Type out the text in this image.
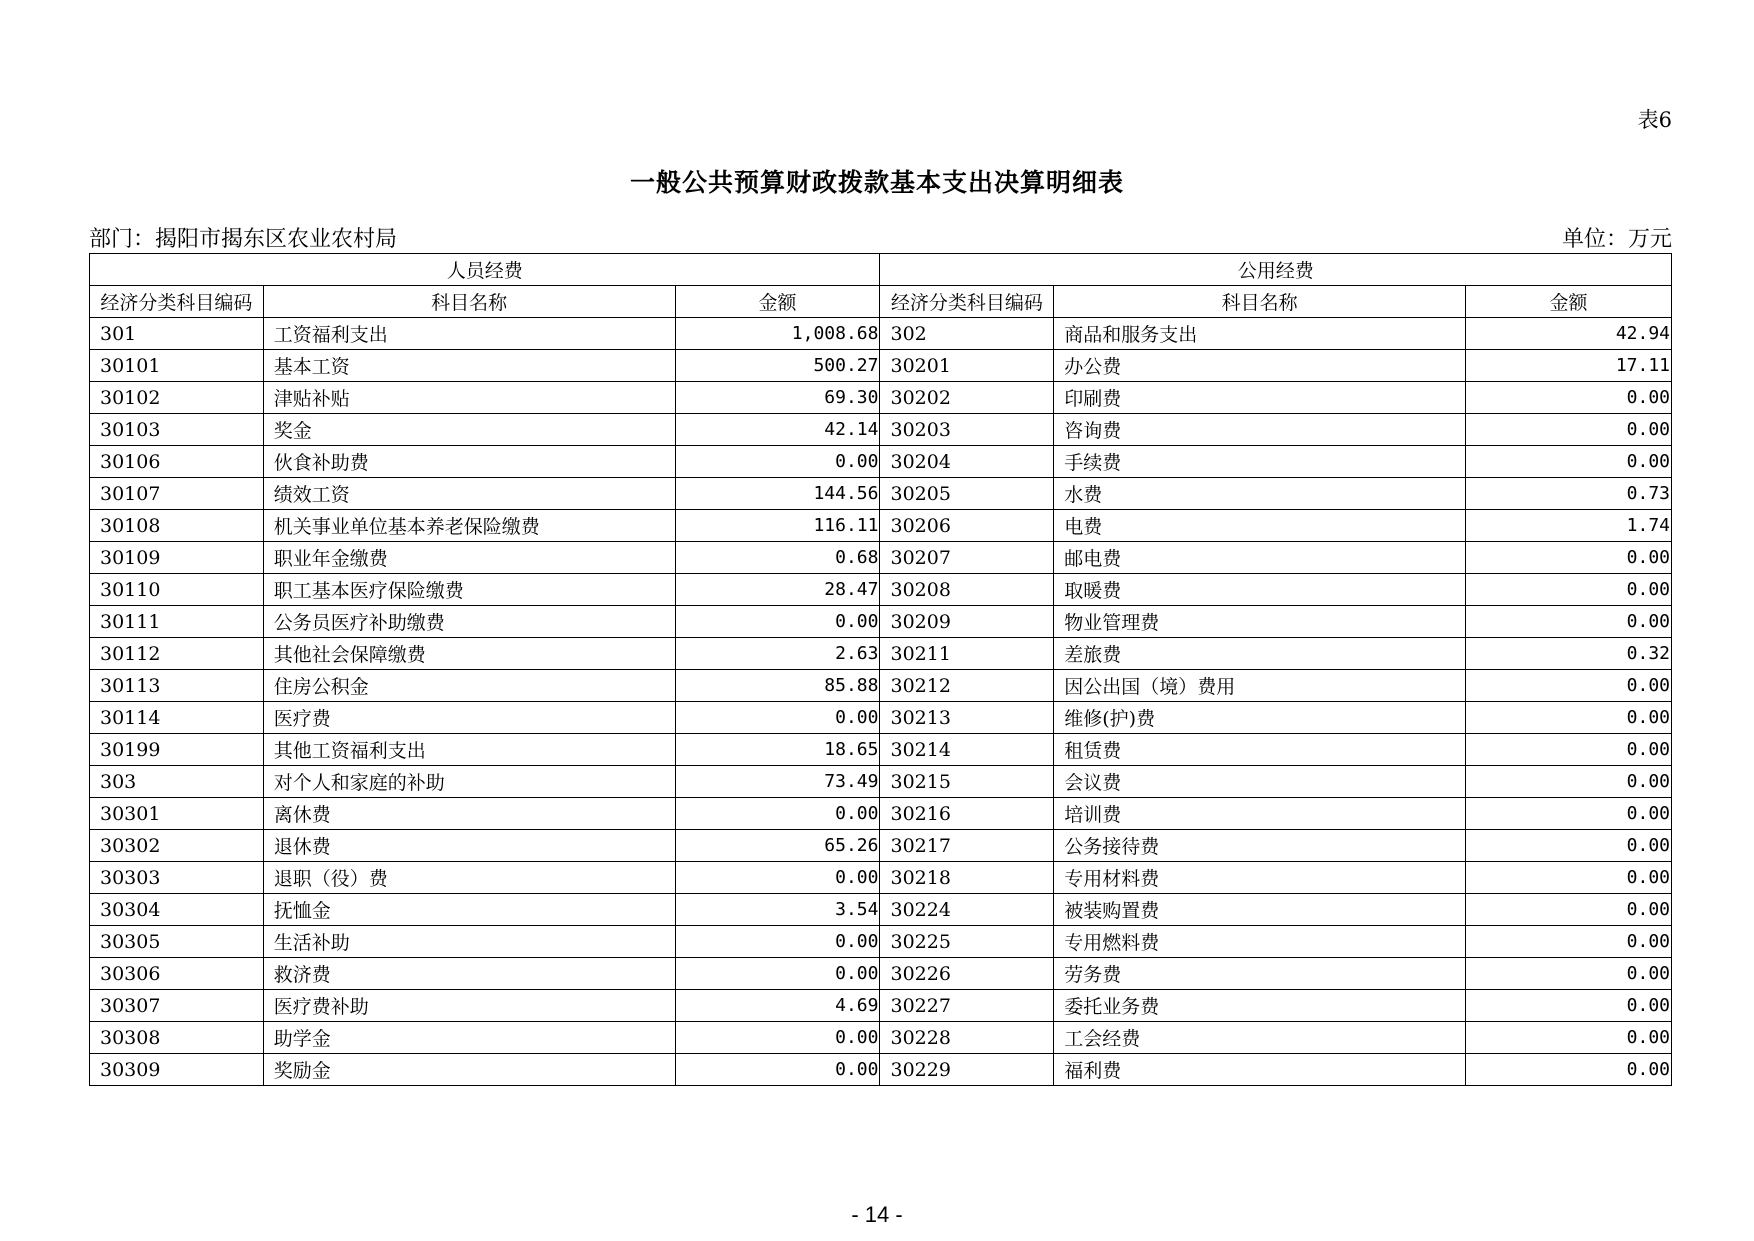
表6
一般公共预算财政拨款基本支出决算明细表
部门：揭阳市揭东区农业农村局	单位：万元
人员经费			公用经费		
经济分类科目编码	科目名称	金额	经济分类科目编码	科目名称	金额
301	工资福利支出	1,008.68	302	商品和服务支出	42.94
30101	基本工资	500.27	30201	办公费	17.11
30102	津贴补贴	69.30	30202	印刷费	0.00
30103	奖金	42.14	30203	咨询费	0.00
30106	伙食补助费	0.00	30204	手续费	0.00
30107	绩效工资	144.56	30205	水费	0.73
30108	机关事业单位基本养老保险缴费	116.11	30206	电费	1.74
30109	职业年金缴费	0.68	30207	邮电费	0.00
30110	职工基本医疗保险缴费	28.47	30208	取暖费	0.00
30111	公务员医疗补助缴费	0.00	30209	物业管理费	0.00
30112	其他社会保障缴费	2.63	30211	差旅费	0.32
30113	住房公积金	85.88	30212	因公出国（境）费用	0.00
30114	医疗费	0.00	30213	维修(护)费	0.00
30199	其他工资福利支出	18.65	30214	租赁费	0.00
303	对个人和家庭的补助	73.49	30215	会议费	0.00
30301	离休费	0.00	30216	培训费	0.00
30302	退休费	65.26	30217	公务接待费	0.00
30303	退职（役）费	0.00	30218	专用材料费	0.00
30304	抚恤金	3.54	30224	被装购置费	0.00
30305	生活补助	0.00	30225	专用燃料费	0.00
30306	救济费	0.00	30226	劳务费	0.00
30307	医疗费补助	4.69	30227	委托业务费	0.00
30308	助学金	0.00	30228	工会经费	0.00
30309	奖励金	0.00	30229	福利费	0.00
- 14 -
